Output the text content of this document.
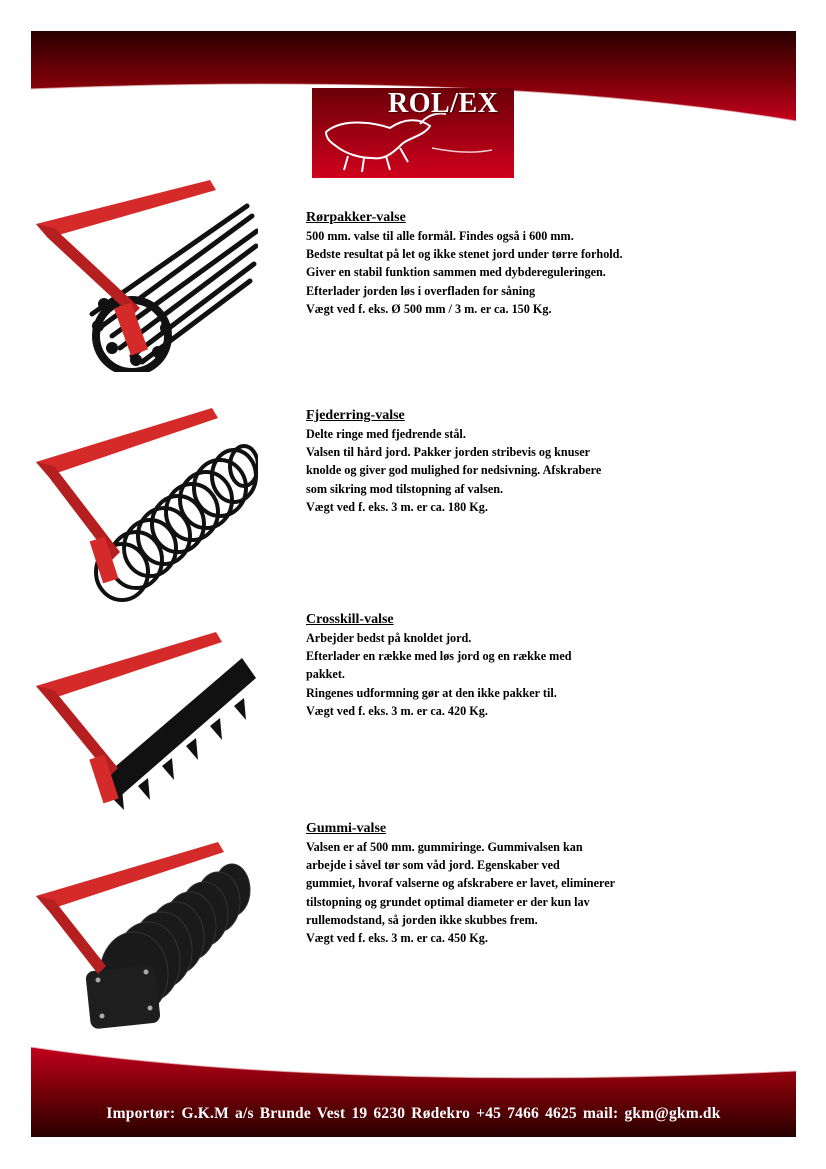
ROL/EX
Rørpakker-valse
500 mm. valse til alle formål. Findes også i 600 mm.
Bedste resultat på let og ikke stenet jord under tørre forhold.
Giver en stabil funktion sammen med dybdereguleringen.
Efterlader jorden løs i overfladen for såning
Vægt ved f. eks. Ø 500 mm / 3 m. er ca. 150 Kg.
Fjederring-valse
Delte ringe med fjedrende stål.
Valsen til hård jord. Pakker jorden stribevis og knuser
knolde og giver god mulighed for nedsivning. Afskrabere
som sikring mod tilstopning af valsen.
Vægt ved f. eks. 3 m. er ca. 180 Kg.
Crosskill-valse
Arbejder bedst på knoldet jord.
Efterlader en række med løs jord og en række med
pakket.
Ringenes udformning gør at den ikke pakker til.
Vægt ved f. eks. 3 m. er ca. 420 Kg.
Gummi-valse
Valsen er af 500 mm. gummiringe. Gummivalsen kan
arbejde i såvel tør som våd jord. Egenskaber ved
gummiet, hvoraf valserne og afskrabere er lavet, eliminerer
tilstopning og grundet optimal diameter er der kun lav
rullemodstand, så jorden ikke skubbes frem.
Vægt ved f. eks. 3 m. er ca. 450 Kg.
Importør: G.K.M a/s Brunde Vest 19 6230 Rødekro +45 7466 4625 mail: gkm@gkm.dk
